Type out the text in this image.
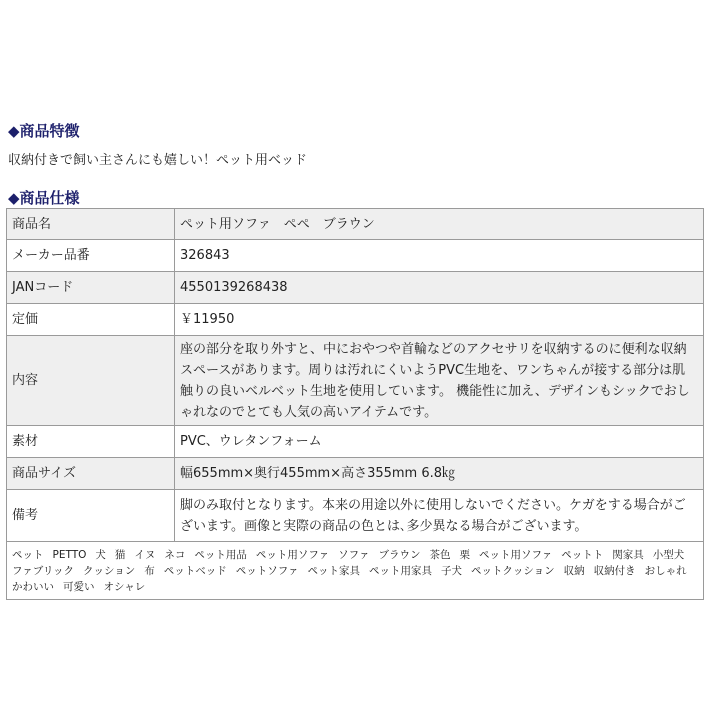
◆商品特徴
収納付きで飼い主さんにも嬉しい！ペット用ベッド
◆商品仕様
商品名	ペット用ソファ　ペペ　ブラウン
メーカー品番	326843
JANコード	4550139268438
定価	￥11950
内容	座の部分を取り外すと、中におやつや首輪などのアクセサリを収納するのに便利な収納スペースがあります。周りは汚れにくいようPVC生地を、ワンちゃんが接する部分は肌触りの良いベルベット生地を使用しています。 機能性に加え、デザインもシックでおしゃれなのでとても人気の高いアイテムです。
素材	PVC、ウレタンフォーム
商品サイズ	幅655mm×奥行455mm×高さ355mm 6.8㎏
備考	脚のみ取付となります。本来の用途以外に使用しないでください。ケガをする場合がございます。画像と実際の商品の色とは､多少異なる場合がございます。
ペット PETTO 犬 猫 イヌ ネコ ペット用品 ペット用ソファ ソファ ブラウン 茶色 栗 ペット用ソファ ペットト 関家具 小型犬ファブリック クッション 布 ペットベッド ペットソファ ペット家具 ペット用家具 子犬 ペットクッション 収納 収納付き おしゃれかわいい 可愛い オシャレ	
